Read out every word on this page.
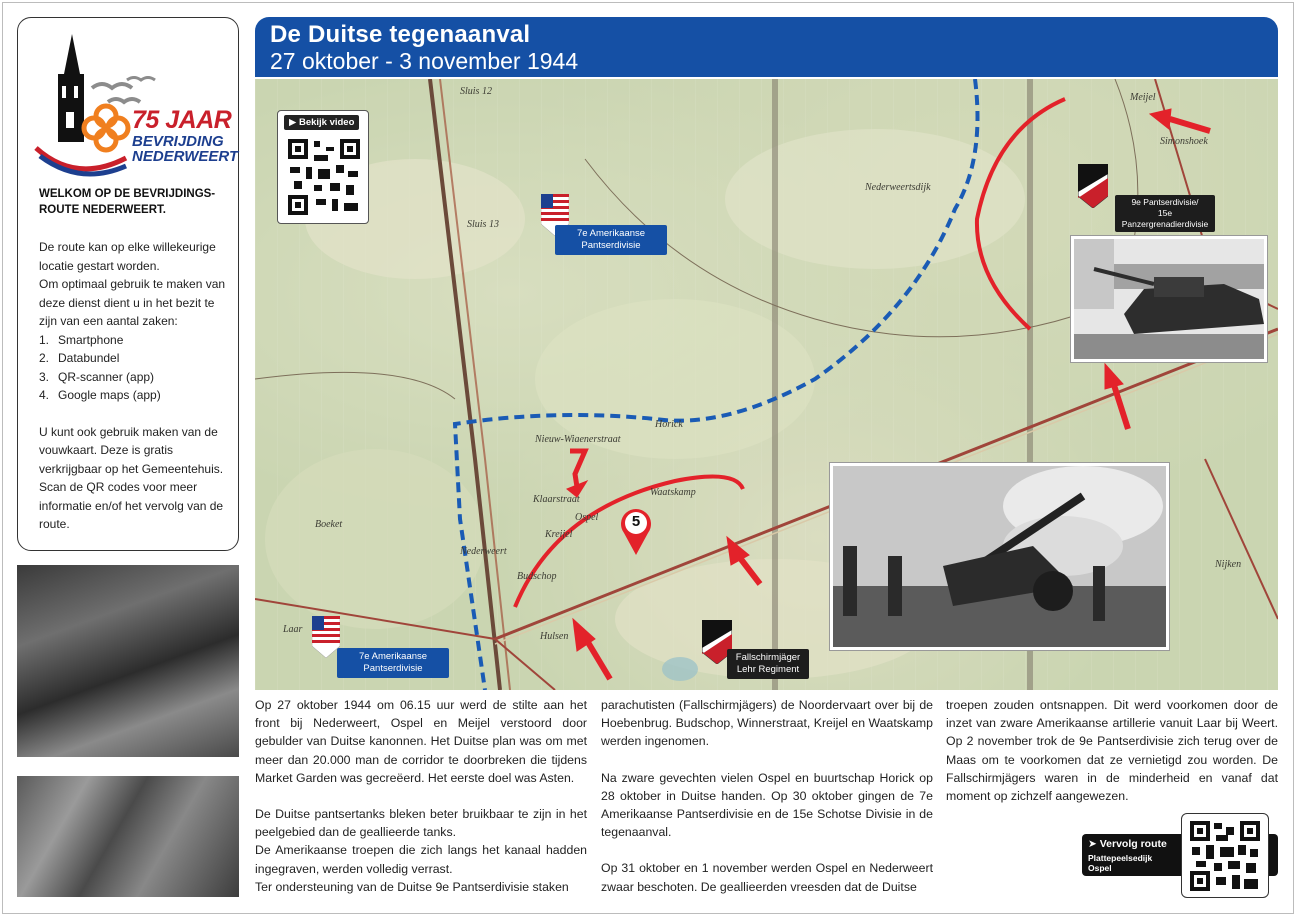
75 JAAR
BEVRIJDING
NEDERWEERT
WELKOM OP DE BEVRIJDINGS-ROUTE NEDERWEERT.

De route kan op elke willekeurige locatie gestart worden.

Om optimaal gebruik te maken van deze dienst dient u in het bezit te zijn van een aantal zaken:

1. Smartphone
2. Databundel
3. QR-scanner (app)
4. Google maps (app)

U kunt ook gebruik maken van de vouwkaart. Deze is gratis verkrijgbaar op het Gemeentehuis.

Scan de QR codes voor meer informatie en/of het vervolg van de route.

De Duitse tegenaanval
27 oktober - 3 november 1944
Sluis 12
Sluis 13
Nederweert
Ospel
Klaarstraat
Kreijel
Waatskamp
Budschop
Hulsen
Laar
Meijel
Horick
Nederweertsdijk
Simonshoek
Nijken
Boeket
Nieuw-Wiaenerstraat
▶ Bekijk video
7e Amerikaanse
Pantserdivisie
7e Amerikaanse
Pantserdivisie
Fallschirmjäger
Lehr Regiment
9e Pantserdivisie/
15e Panzergrenadierdivisie
5

Op 27 oktober 1944 om 06.15 uur werd de stilte aan het front bij Nederweert, Ospel en Meijel verstoord door gebulder van Duitse kanonnen. Het Duitse plan was om met meer dan 20.000 man de corridor te doorbreken die tijdens Market Garden was gecreëerd. Het eerste doel was Asten.

De Duitse pantsertanks bleken beter bruikbaar te zijn in het peelgebied dan de geallieerde tanks.

De Amerikaanse troepen die zich langs het kanaal hadden ingegraven, werden volledig verrast.

Ter ondersteuning van de Duitse 9e Pantserdivisie staken

parachutisten (Fallschirmjägers) de Noordervaart over bij de Hoebenbrug. Budschop, Winnerstraat, Kreijel en Waatskamp werden ingenomen.

Na zware gevechten vielen Ospel en buurtschap Horick op 28 oktober in Duitse handen. Op 30 oktober gingen de 7e Amerikaanse Pantserdivisie en de 15e Schotse Divisie in de tegenaanval.

Op 31 oktober en 1 november werden Ospel en Nederweert zwaar beschoten. De geallieerden vreesden dat de Duitse

troepen zouden ontsnappen. Dit werd voorkomen door de inzet van zware Amerikaanse artillerie vanuit Laar bij Weert. Op 2 november trok de 9e Pantserdivisie zich terug over de Maas om te voorkomen dat ze vernietigd zou worden. De Fallschirmjägers waren in de minderheid en vanaf dat moment op zichzelf aangewezen.

➤ Vervolg route
Plattepeelsedijk
Ospel
